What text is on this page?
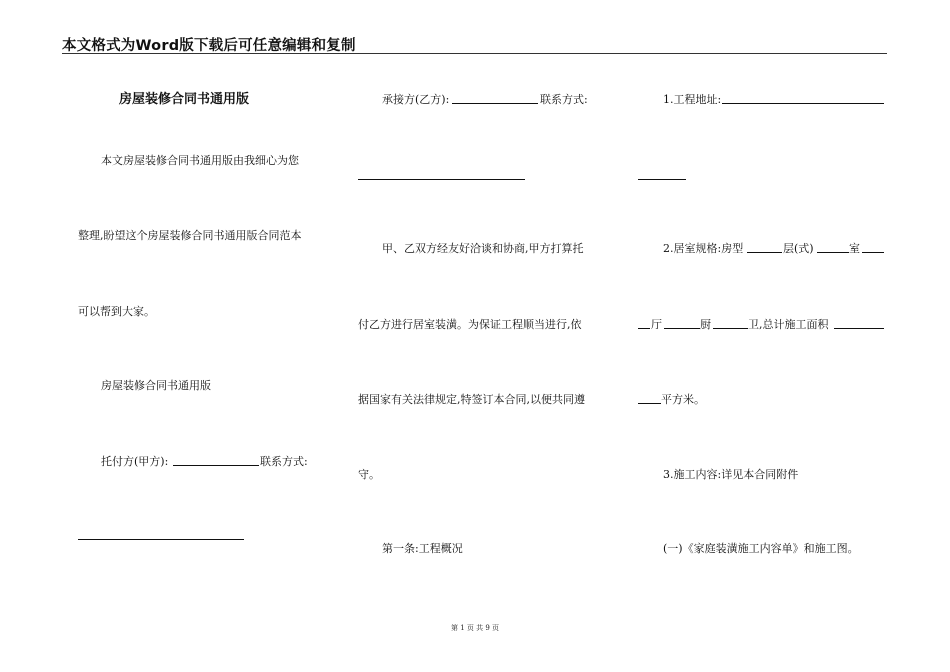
本文格式为Word版下载后可任意编辑和复制
房屋装修合同书通用版
本文房屋装修合同书通用版由我细心为您
整理,盼望这个房屋装修合同书通用版合同范本
可以帮到大家。
房屋装修合同书通用版
托付方(甲方):	联系方式:
承接方(乙方):	联系方式:
甲、乙双方经友好洽谈和协商,甲方打算托
付乙方进行居室装潢。为保证工程顺当进行,依
据国家有关法律规定,特签订本合同,以便共同遵
守。
第一条:工程概况
1.工程地址:
2.居室规格:房型	层(式)	室
厅	厨	卫,总计施工面积
平方米。
3.施工内容:详见本合同附件
(一)《家庭装潢施工内容单》和施工图。
第 1 页 共 9 页
